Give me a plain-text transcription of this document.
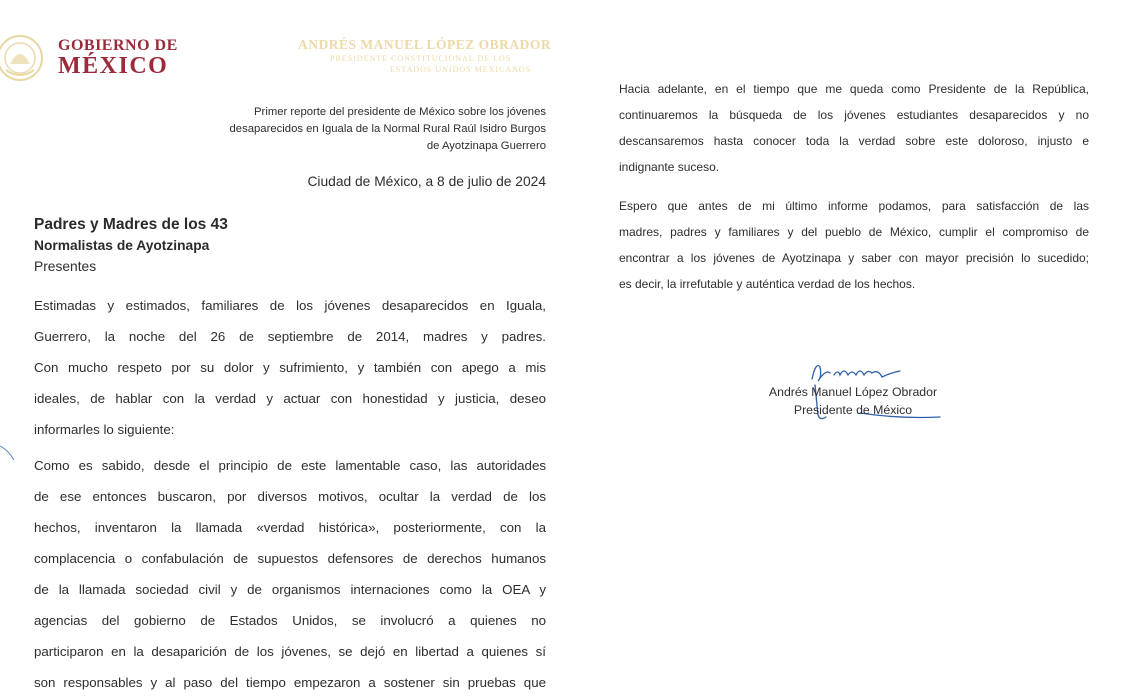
GOBIERNO DE
MÉXICO
ANDRÉS MANUEL LÓPEZ OBRADOR
PRESIDENTE CONSTITUCIONAL DE LOS
ESTADOS UNIDOS MEXICANOS
Primer reporte del presidente de México sobre los jóvenes
desaparecidos en Iguala de la Normal Rural Raúl Isidro Burgos
de Ayotzinapa Guerrero
Ciudad de México, a 8 de julio de 2024
Padres y Madres de los 43
Normalistas de Ayotzinapa
Presentes
Estimadas y estimados, familiares de los jóvenes desaparecidos en Iguala,
Guerrero, la noche del 26 de septiembre de 2014, madres y padres.
Con mucho respeto por su dolor y sufrimiento, y también con apego a mis
ideales, de hablar con la verdad y actuar con honestidad y justicia, deseo
informarles lo siguiente:
Como es sabido, desde el principio de este lamentable caso, las autoridades
de ese entonces buscaron, por diversos motivos, ocultar la verdad de los
hechos, inventaron la llamada «verdad histórica», posteriormente, con la
complacencia o confabulación de supuestos defensores de derechos humanos
de la llamada sociedad civil y de organismos internaciones como la OEA y
agencias del gobierno de Estados Unidos, se involucró a quienes no
participaron en la desaparición de los jóvenes, se dejó en libertad a quienes sí
son responsables y al paso del tiempo empezaron a sostener sin pruebas que
Hacia adelante, en el tiempo que me queda como Presidente de la República,
continuaremos la búsqueda de los jóvenes estudiantes desaparecidos y no
descansaremos hasta conocer toda la verdad sobre este doloroso, injusto e
indignante suceso.
Espero que antes de mi último informe podamos, para satisfacción de las
madres, padres y familiares y del pueblo de México, cumplir el compromiso de
encontrar a los jóvenes de Ayotzinapa y saber con mayor precisión lo sucedido;
es decir, la irrefutable y auténtica verdad de los hechos.
Andrés Manuel López Obrador
Presidente de México
